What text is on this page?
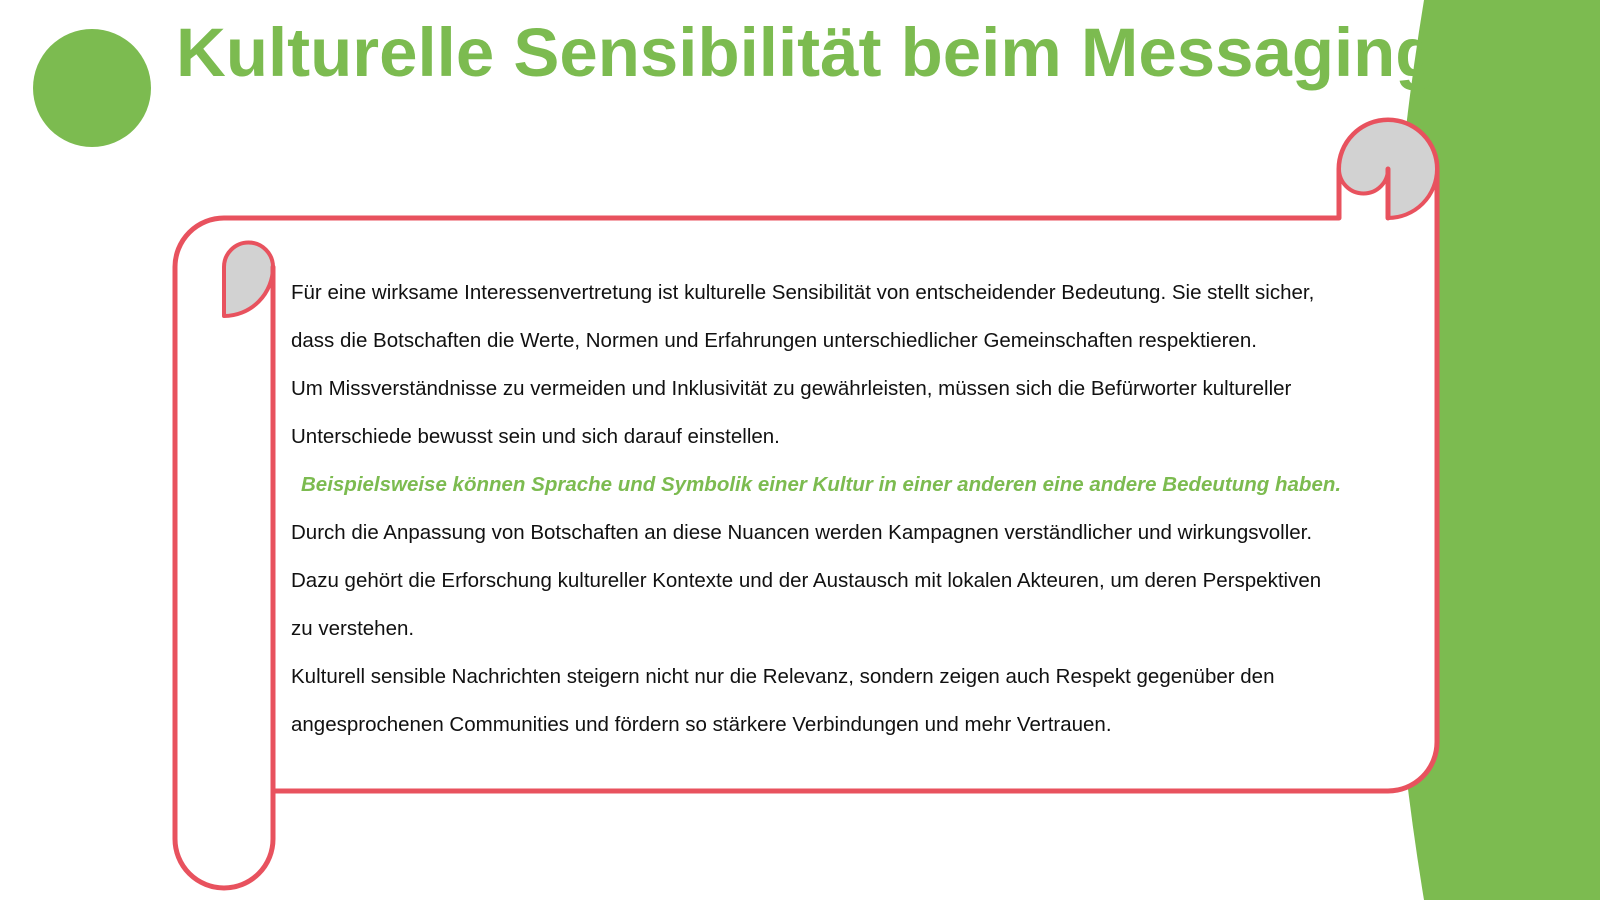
Kulturelle Sensibilität beim Messaging
Für eine wirksame Interessenvertretung ist kulturelle Sensibilität von entscheidender Bedeutung. Sie stellt sicher,
dass die Botschaften die Werte, Normen und Erfahrungen unterschiedlicher Gemeinschaften respektieren.
Um Missverständnisse zu vermeiden und Inklusivität zu gewährleisten, müssen sich die Befürworter kultureller
Unterschiede bewusst sein und sich darauf einstellen.
Beispielsweise können Sprache und Symbolik einer Kultur in einer anderen eine andere Bedeutung haben.
Durch die Anpassung von Botschaften an diese Nuancen werden Kampagnen verständlicher und wirkungsvoller.
Dazu gehört die Erforschung kultureller Kontexte und der Austausch mit lokalen Akteuren, um deren Perspektiven
zu verstehen.
Kulturell sensible Nachrichten steigern nicht nur die Relevanz, sondern zeigen auch Respekt gegenüber den
angesprochenen Communities und fördern so stärkere Verbindungen und mehr Vertrauen.
